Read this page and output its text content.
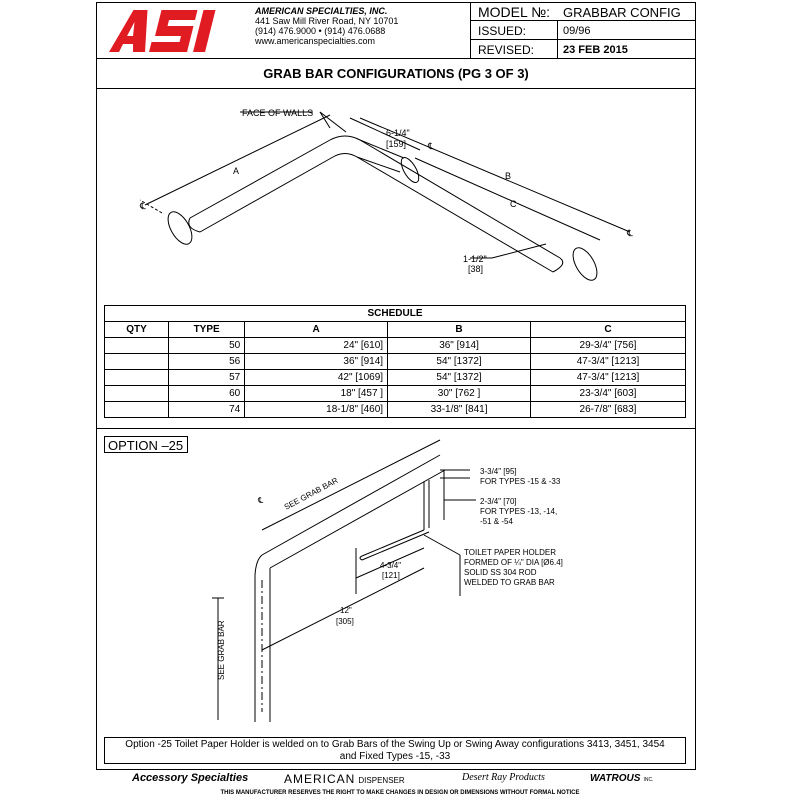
MODEL №: GRABBAR CONFIG
ISSUED:	09/96
REVISED:	23 FEB 2015
AMERICAN SPECIALTIES, INC.
441 Saw Mill River Road, NY 10701
(914) 476.9000 • (914) 476.0688
www.americanspecialties.com
GRAB BAR CONFIGURATIONS (PG 3 OF 3)
FACE OF WALLS
A	B
C
6-1/4"
[159]
1-1/2"
[38]
℄
℄
℄
SCHEDULE				
QTY	TYPE	A	B	C
	50	24" [610]	36" [914]	29-3/4" [756]
	56	36" [914]	54" [1372]	47-3/4" [1213]
	57	42" [1069]	54" [1372]	47-3/4" [1213]
	60	18" [457 ]	30" [762 ]	23-3/4" [603]
	74	18-1/8" [460]	33-1/8" [841]	26-7/8" [683]
OPTION –25
SEE GRAB BAR
SEE GRAB BAR
3-3/4" [95]
FOR TYPES -15 & -33
2-3/4" [70]
FOR TYPES -13, -14,
-51 & -54
TOILET PAPER HOLDER
FORMED OF ¼" DIA [Ø6.4]
SOLID SS 304 ROD
WELDED TO GRAB BAR
4-3/4"
[121]
12"
[305]
℄
Option -25 Toilet Paper Holder is welded on to Grab Bars of the Swing Up or Swing Away configurations 3413, 3451, 3454
and Fixed Types -15, -33
Accessory Specialties	AMERICAN DISPENSER	Desert Ray Products	WATROUS INC.
THIS MANUFACTURER RESERVES THE RIGHT TO MAKE CHANGES IN DESIGN OR DIMENSIONS WITHOUT FORMAL NOTICE
